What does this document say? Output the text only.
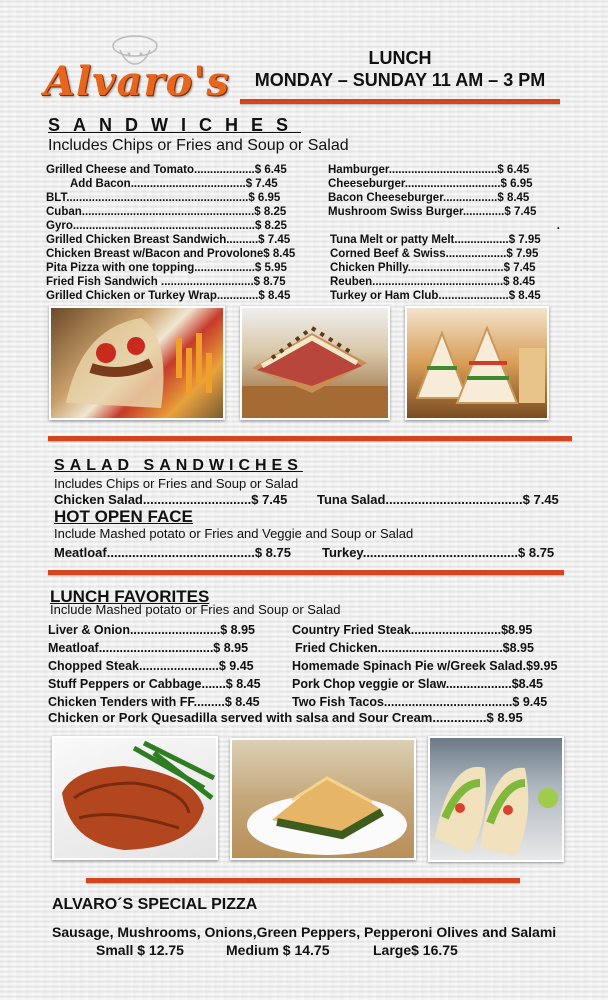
Alvaro's	LUNCH
MONDAY – SUNDAY 11 AM – 3 PM
SANDWICHES
Includes Chips or Fries and Soup or Salad
Grilled Cheese and Tomato...................$ 6.45
Add Bacon....................................$ 7.45
BLT.........................................................$ 6.95
Cuban......................................................$ 8.25
Gyro.........................................................$ 8.25
Grilled Chicken Breast Sandwich..........$ 7.45
Chicken Breast w/Bacon and Provolone$ 8.45
Pita Pizza with one topping...................$ 5.95
Fried Fish Sandwich .............................$ 8.75
Grilled Chicken or Turkey Wrap.............$ 8.45
Hamburger..................................$ 6.45
Cheeseburger..............................$ 6.95
Bacon Cheeseburger.................$ 8.45
Mushroom Swiss Burger.............$ 7.45
.
Tuna Melt or patty Melt.................$ 7.95
Corned Beef & Swiss...................$ 7.95
Chicken Philly..............................$ 7.45
Reuben.........................................$ 8.45
Turkey or Ham Club......................$ 8.45
SALAD SANDWICHES
Includes Chips or Fries and Soup or Salad
Chicken Salad..............................$ 7.45 Tuna Salad......................................$ 7.45
HOT OPEN FACE
Include Mashed potato or Fries and Veggie and Soup or Salad
Meatloaf.........................................$ 8.75 Turkey...........................................$ 8.75
LUNCH FAVORITES
Include Mashed potato or Fries and Soup or Salad
Liver & Onion..........................$ 8.95
Meatloaf.................................$ 8.95
Chopped Steak.......................$ 9.45
Stuff Peppers or Cabbage.......$ 8.45
Chicken Tenders with FF.........$ 8.45
Country Fried Steak..........................$8.95
Fried Chicken....................................$8.95
Homemade Spinach Pie w/Greek Salad.$9.95
Pork Chop veggie or Slaw...................$8.45
Two Fish Tacos.....................................$ 9.45
Chicken or Pork Quesadilla served with salsa and Sour Cream...............$ 8.95
ALVARO´S SPECIAL PIZZA
Sausage, Mushrooms, Onions,Green Peppers, Pepperoni Olives and Salami
Small $ 12.75	Medium $ 14.75	Large$ 16.75
